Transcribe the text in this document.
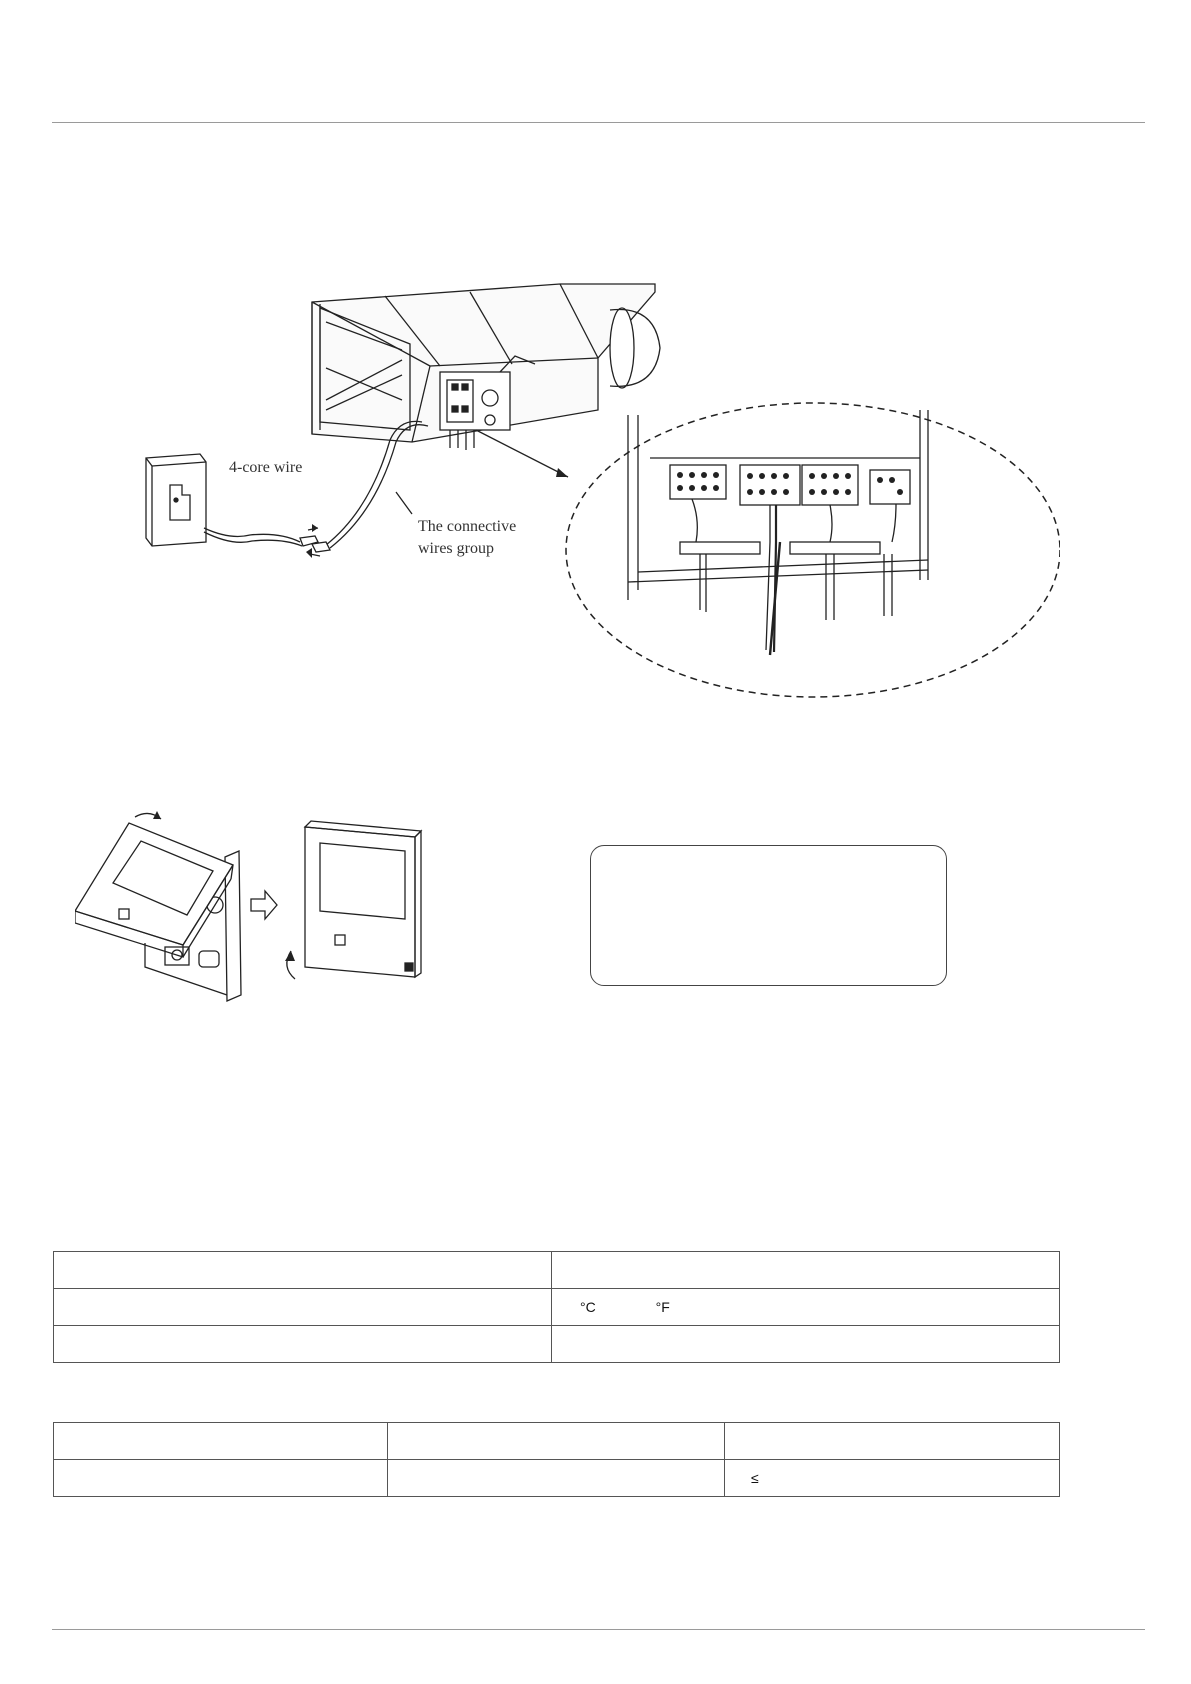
4-core wire
The connective
wires group

	°C °F

		≤
